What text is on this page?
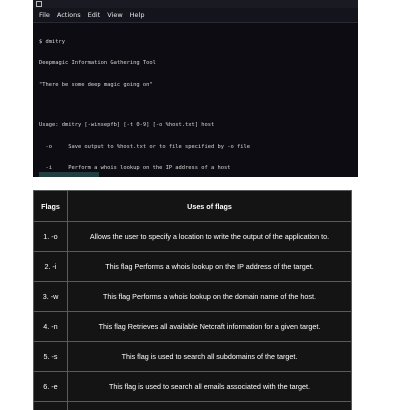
File Actions Edit View Help

$ dmitry

Deepmagic Information Gathering Tool

"There be some deep magic going on"

Usage: dmitry [-winsepfb] [-t 0-9] [-o %host.txt] host

-o     Save output to %host.txt or to file specified by -o file

-i     Perform a whois lookup on the IP address of a host

Flags	Uses of flags
1. -o	Allows the user to specify a location to write the output of the application to.
2. -i	This flag Performs a whois lookup on the IP address of the target.
3. -w	This flag Performs a whois lookup on the domain name of the host.
4. -n	This flag Retrieves all available Netcraft information for a given target.
5. -s	This flag is used to search all subdomains of the target.
6. -e	This flag is used to search all emails associated with the target.
